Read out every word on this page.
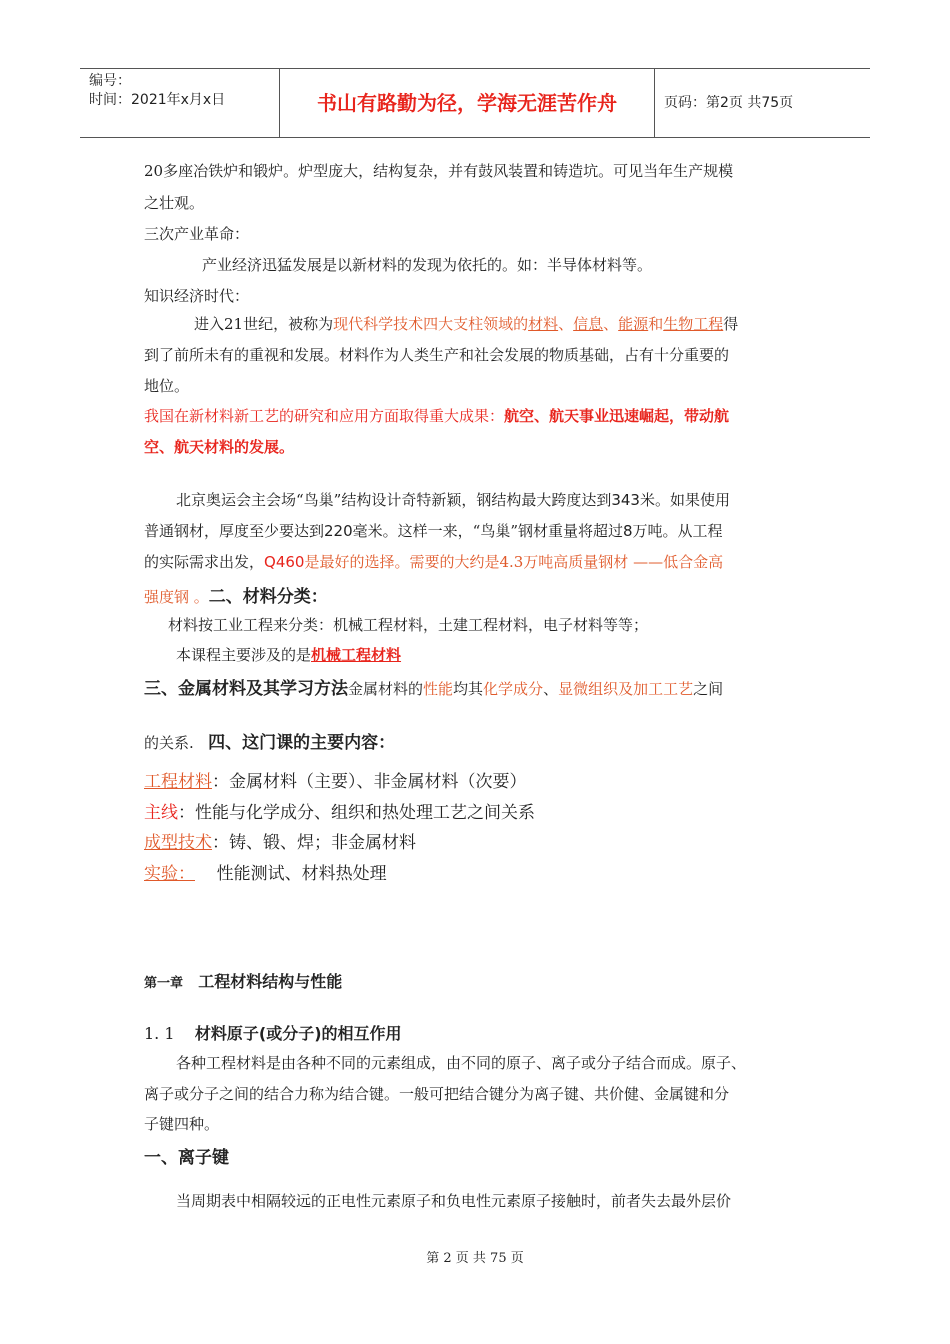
编号：
时间：2021年x月x日	书山有路勤为径，学海无涯苦作舟	页码：第2页 共75页
20多座冶铁炉和锻炉。炉型庞大，结构复杂，并有鼓风装置和铸造坑。可见当年生产规模
之壮观。
三次产业革命：
产业经济迅猛发展是以新材料的发现为依托的。如：半导体材料等。
知识经济时代：
进入21世纪，被称为现代科学技术四大支柱领域的材料、信息、能源和生物工程得
到了前所未有的重视和发展。材料作为人类生产和社会发展的物质基础，占有十分重要的
地位。
我国在新材料新工艺的研究和应用方面取得重大成果：航空、航天事业迅速崛起，带动航
空、航天材料的发展。
北京奥运会主会场“鸟巢”结构设计奇特新颖，钢结构最大跨度达到343米。如果使用
普通钢材，厚度至少要达到220毫米。这样一来，“鸟巢”钢材重量将超过8万吨。从工程
的实际需求出发，Q460是最好的选择。需要的大约是4.3万吨高质量钢材 ——低合金高
强度钢 。二、材料分类：
材料按工业工程来分类：机械工程材料，土建工程材料，电子材料等等；
本课程主要涉及的是机械工程材料
三、金属材料及其学习方法金属材料的性能均其化学成分、显微组织及加工工艺之间
的关系. 四、这门课的主要内容：
工程材料：金属材料（主要）、非金属材料（次要）
主线：性能与化学成分、组织和热处理工艺之间关系
成型技术：铸、锻、焊；非金属材料
实验： 性能测试、材料热处理
第一章 工程材料结构与性能
1. 1 材料原子(或分子)的相互作用
各种工程材料是由各种不同的元素组成，由不同的原子、离子或分子结合而成。原子、
离子或分子之间的结合力称为结合键。一般可把结合键分为离子键、共价健、金属键和分
子键四种。
一、离子键
当周期表中相隔较远的正电性元素原子和负电性元素原子接触时，前者失去最外层价
第 2 页 共 75 页
